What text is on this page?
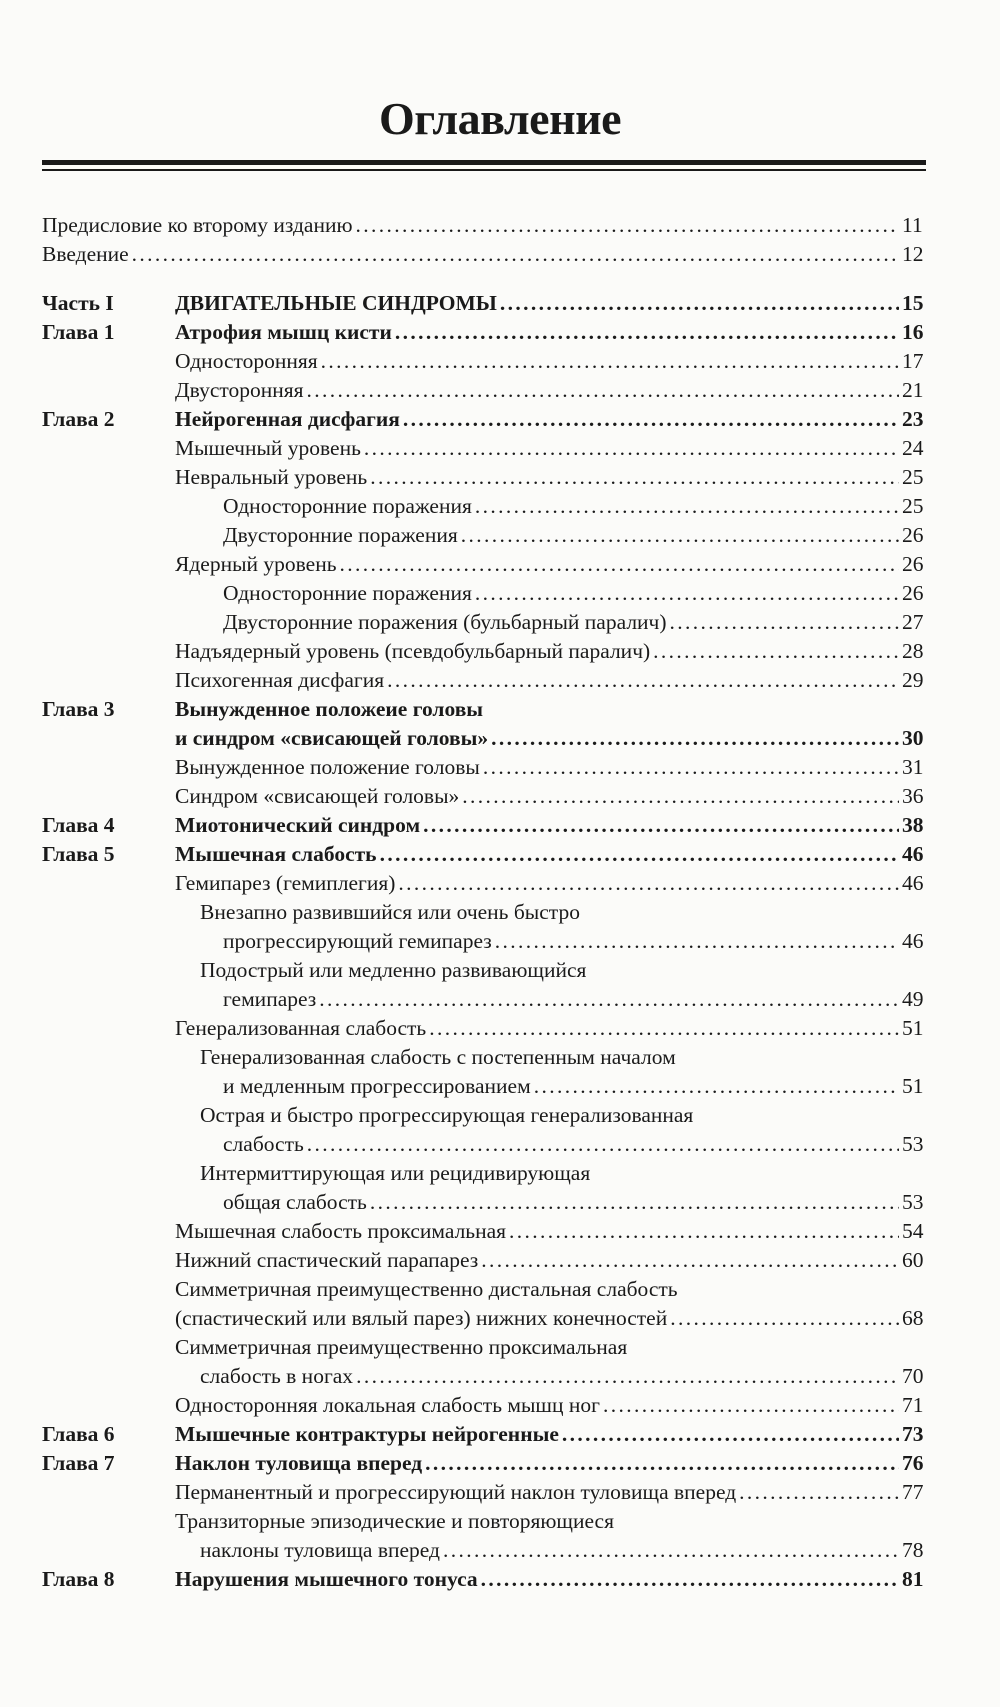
Оглавление
Предисловие ко второму изданию . . .	11
Введение . . .	12
Часть I	ДВИГАТЕЛЬНЫЕ СИНДРОМЫ . . .	15
Глава 1	Атрофия мышц кисти . . .	16
Односторонняя . . .	17
Двусторонняя . . .	21
Глава 2	Нейрогенная дисфагия . . .	23
Мышечный уровень . . .	24
Невральный уровень . . .	25
Односторонние поражения . . .	25
Двусторонние поражения . . .	26
Ядерный уровень . . .	26
Односторонние поражения . . .	26
Двусторонние поражения (бульбарный паралич) . . .	27
Надъядерный уровень (псевдобульбарный паралич) . . .	28
Психогенная дисфагия . . .	29
Глава 3	Вынужденное положеие головы
и синдром «свисающей головы» . . .	30
Вынужденное положение головы . . .	31
Синдром «свисающей головы» . . .	36
Глава 4	Миотонический синдром . . .	38
Глава 5	Мышечная слабость . . .	46
Гемипарез (гемиплегия) . . .	46
Внезапно развившийся или очень быстро
прогрессирующий гемипарез . . .	46
Подострый или медленно развивающийся
гемипарез . . .	49
Генерализованная слабость . . .	51
Генерализованная слабость с постепенным началом
и медленным прогрессированием . . .	51
Острая и быстро прогрессирующая генерализованная
слабость . . .	53
Интермиттирующая или рецидивирующая
общая слабость . . .	53
Мышечная слабость проксимальная . . .	54
Нижний спастический парапарез . . .	60
Симметричная преимущественно дистальная слабость
(спастический или вялый парез) нижних конечностей . . .	68
Симметричная преимущественно проксимальная
слабость в ногах . . .	70
Односторонняя локальная слабость мышц ног . . .	71
Глава 6	Мышечные контрактуры нейрогенные . . .	73
Глава 7	Наклон туловища вперед . . .	76
Перманентный и прогрессирующий наклон туловища вперед . . .	77
Транзиторные эпизодические и повторяющиеся
наклоны туловища вперед . . .	78
Глава 8	Нарушения мышечного тонуса . . .	81
